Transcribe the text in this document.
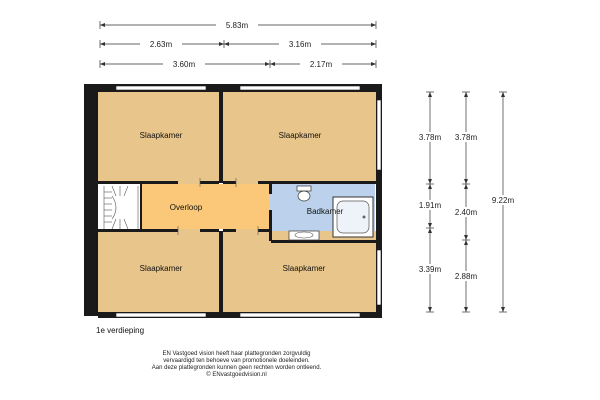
5.83m
2.63m	3.16m
3.60m	2.17m
3.78m
1.91m
3.39m
3.78m
2.40m
2.88m
9.22m
Slaapkamer	Slaapkamer
Overloop	Badkamer
Slaapkamer	Slaapkamer
1e verdieping
EN Vastgoed vision heeft haar plattegronden zorgvuldig
vervaardigd ten behoeve van promotionele doeleinden.
Aan deze plattegronden kunnen geen rechten worden ontleend.
© ENvastgoedvision.nl
